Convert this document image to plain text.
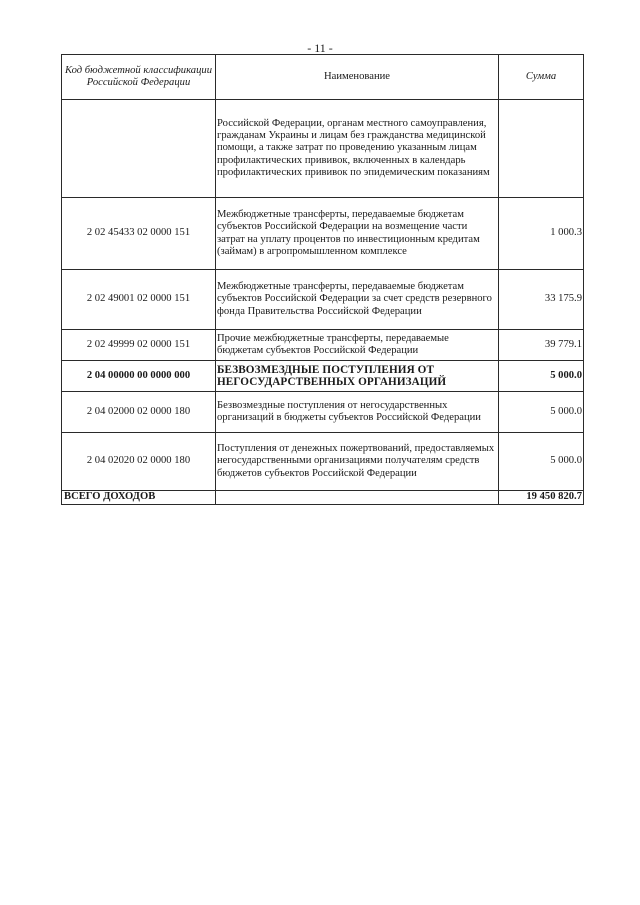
- 11 -
Код бюджетной классификации Российской Федерации	Наименование	Сумма
	Российской Федерации, органам местного самоуправления, гражданам Украины и лицам без гражданства медицинской помощи, а также затрат по проведению указанным лицам профилактических прививок, включенных в календарь профилактических прививок по эпидемическим показаниям	
2 02 45433 02 0000 151	Межбюджетные трансферты, передаваемые бюджетам субъектов Российской Федерации на возмещение части затрат на уплату процентов по инвестиционным кредитам (займам) в агропромышленном комплексе	1 000.3
2 02 49001 02 0000 151	Межбюджетные трансферты, передаваемые бюджетам субъектов Российской Федерации за счет средств резервного фонда Правительства Российской Федерации	33 175.9
2 02 49999 02 0000 151	Прочие межбюджетные трансферты, передаваемые бюджетам субъектов Российской Федерации	39 779.1
2 04 00000 00 0000 000	БЕЗВОЗМЕЗДНЫЕ ПОСТУПЛЕНИЯ ОТ НЕГОСУДАРСТВЕННЫХ ОРГАНИЗАЦИЙ	5 000.0
2 04 02000 02 0000 180	Безвозмездные поступления от негосударственных организаций в бюджеты субъектов Российской Федерации	5 000.0
2 04 02020 02 0000 180	Поступления от денежных пожертвований, предоставляемых негосударственными организациями получателям средств бюджетов субъектов Российской Федерации	5 000.0
ВСЕГО ДОХОДОВ		19 450 820.7
